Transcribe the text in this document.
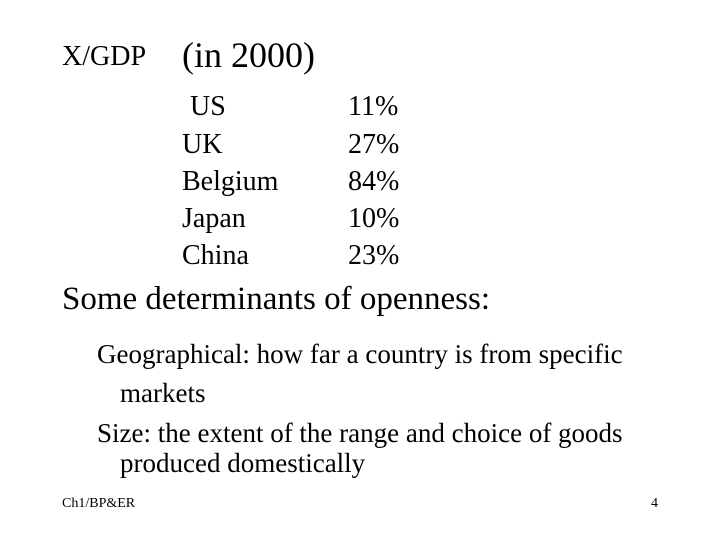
X/GDP (in 2000)
US	11%
UK	27%
Belgium 84%
Japan	10%
China	23%
Some determinants of openness:
Geographical: how far a country is from specific
markets
Size: the extent of the range and choice of goods
produced domestically
Ch1/BP&ER	4
